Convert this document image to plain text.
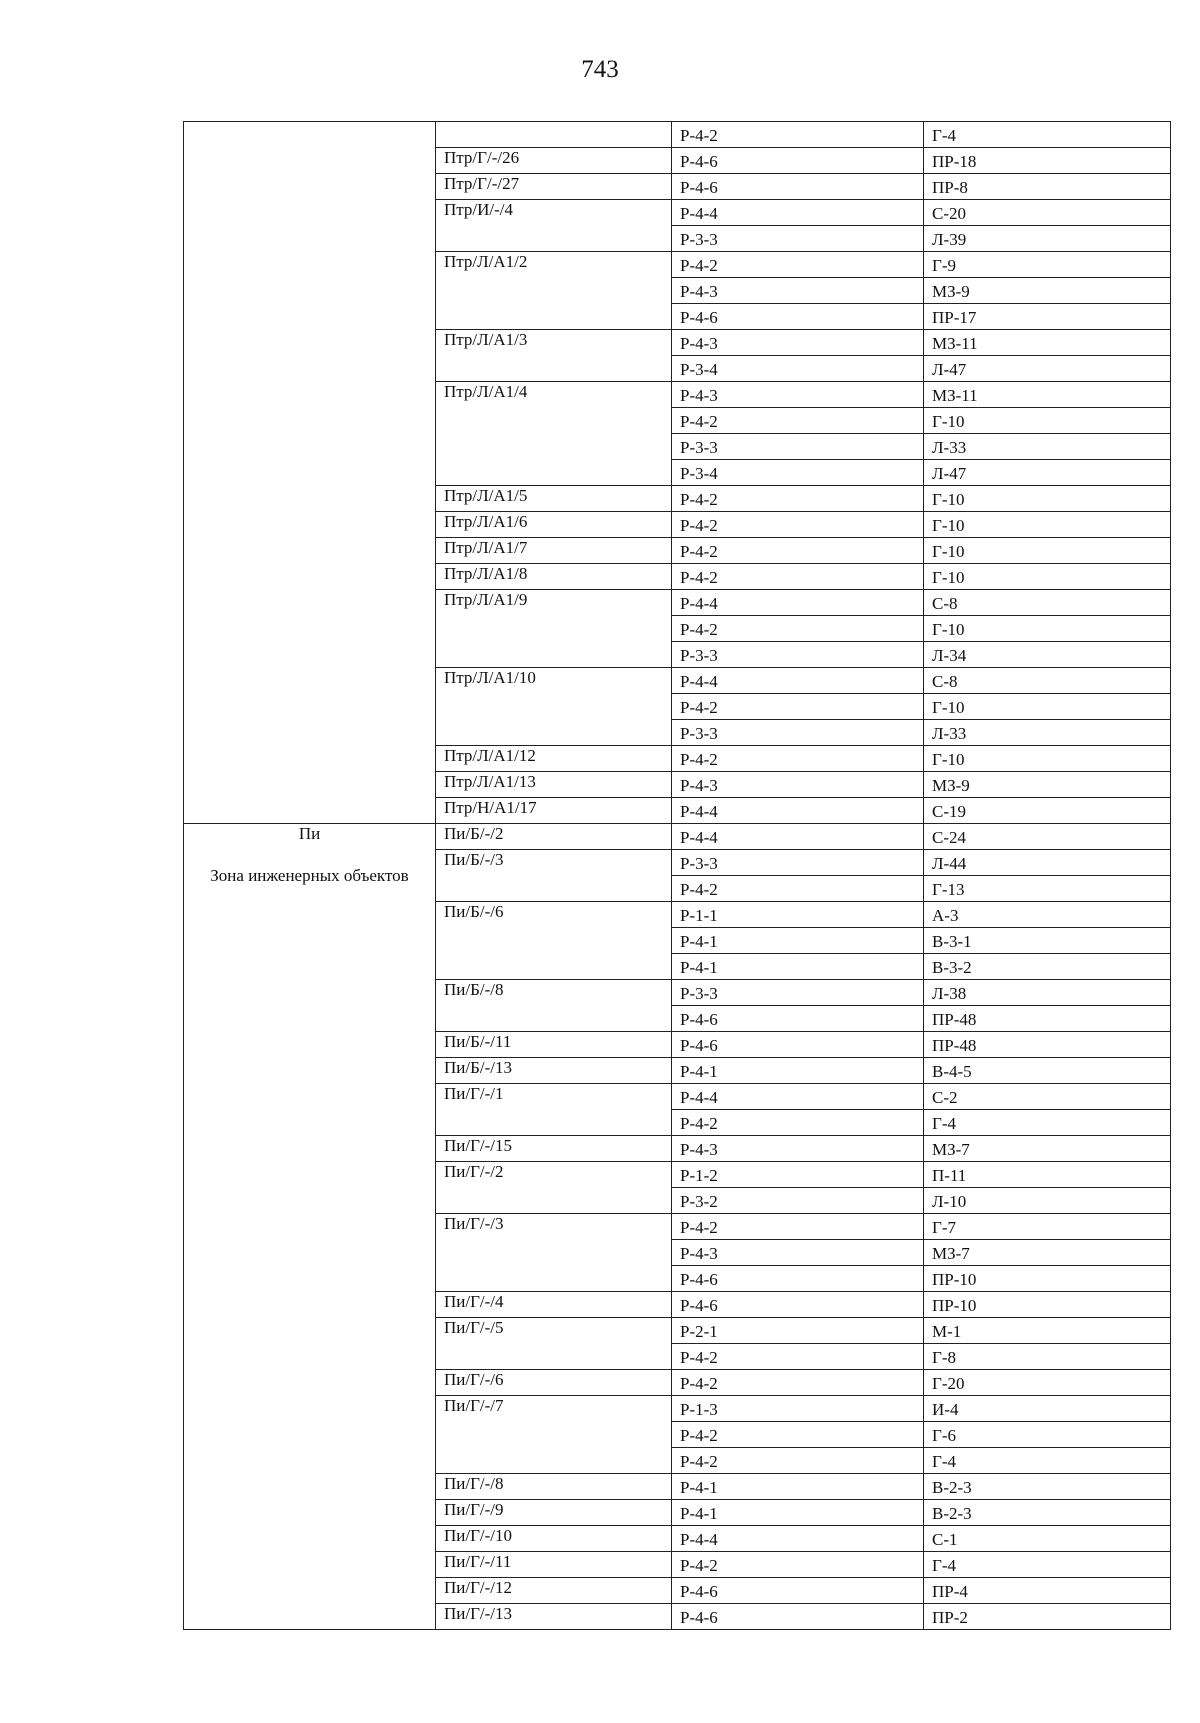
743
		Р-4-2	Г-4
	Птр/Г/-/26	Р-4-6	ПР-18
	Птр/Г/-/27	Р-4-6	ПР-8
	Птр/И/-/4	Р-4-4	С-20
		Р-3-3	Л-39
	Птр/Л/А1/2	Р-4-2	Г-9
		Р-4-3	МЗ-9
		Р-4-6	ПР-17
	Птр/Л/А1/3	Р-4-3	МЗ-11
		Р-3-4	Л-47
	Птр/Л/А1/4	Р-4-3	МЗ-11
		Р-4-2	Г-10
		Р-3-3	Л-33
		Р-3-4	Л-47
	Птр/Л/А1/5	Р-4-2	Г-10
	Птр/Л/А1/6	Р-4-2	Г-10
	Птр/Л/А1/7	Р-4-2	Г-10
	Птр/Л/А1/8	Р-4-2	Г-10
	Птр/Л/А1/9	Р-4-4	С-8
		Р-4-2	Г-10
		Р-3-3	Л-34
	Птр/Л/А1/10	Р-4-4	С-8
		Р-4-2	Г-10
		Р-3-3	Л-33
	Птр/Л/А1/12	Р-4-2	Г-10
	Птр/Л/А1/13	Р-4-3	МЗ-9
	Птр/Н/А1/17	Р-4-4	С-19

Пи
Зона инженерных объектов	Пи/Б/-/2	Р-4-4	С-24
	Пи/Б/-/3	Р-3-3	Л-44
		Р-4-2	Г-13
	Пи/Б/-/6	Р-1-1	А-3
		Р-4-1	В-3-1
		Р-4-1	В-3-2
	Пи/Б/-/8	Р-3-3	Л-38
		Р-4-6	ПР-48
	Пи/Б/-/11	Р-4-6	ПР-48
	Пи/Б/-/13	Р-4-1	В-4-5
	Пи/Г/-/1	Р-4-4	С-2
		Р-4-2	Г-4
	Пи/Г/-/15	Р-4-3	МЗ-7
	Пи/Г/-/2	Р-1-2	П-11
		Р-3-2	Л-10
	Пи/Г/-/3	Р-4-2	Г-7
		Р-4-3	МЗ-7
		Р-4-6	ПР-10
	Пи/Г/-/4	Р-4-6	ПР-10
	Пи/Г/-/5	Р-2-1	М-1
		Р-4-2	Г-8
	Пи/Г/-/6	Р-4-2	Г-20
	Пи/Г/-/7	Р-1-3	И-4
		Р-4-2	Г-6
		Р-4-2	Г-4
	Пи/Г/-/8	Р-4-1	В-2-3
	Пи/Г/-/9	Р-4-1	В-2-3
	Пи/Г/-/10	Р-4-4	С-1
	Пи/Г/-/11	Р-4-2	Г-4
	Пи/Г/-/12	Р-4-6	ПР-4
	Пи/Г/-/13	Р-4-6	ПР-2
